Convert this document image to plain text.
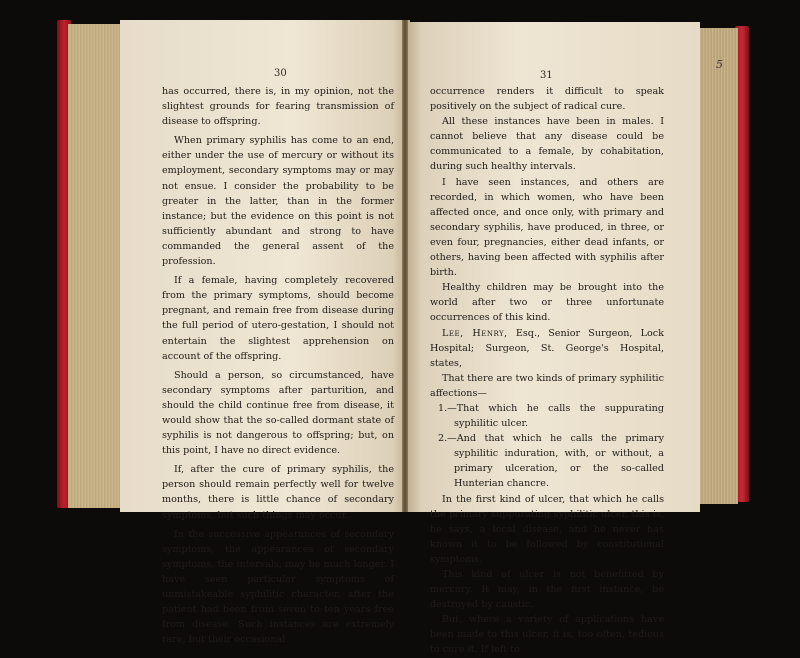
30	31

has occurred, there is, in my opinion, not the slightest grounds for fearing transmission of disease to offspring.

When primary syphilis has come to an end, either under the use of mercury or without its employment, secondary symptoms may or may not ensue. I consider the probability to be greater in the latter, than in the former instance; but the evidence on this point is not sufficiently abundant and strong to have commanded the general assent of the profession.

If a female, having completely recovered from the primary symptoms, should become pregnant, and remain free from disease during the full period of utero-gestation, I should not entertain the slightest apprehension on account of the offspring.

Should a person, so circumstanced, have secondary symptoms after parturition, and should the child continue free from disease, it would show that the so-called dormant state of syphilis is not dangerous to offspring; but, on this point, I have no direct evidence.

If, after the cure of primary syphilis, the person should remain perfectly well for twelve months, there is little chance of secondary symptoms, but such things may occur.

In the successive appearances of secondary symptoms, the appearances of secondary symptoms, the intervals, may be much longer. I have seen particular symptoms of unmistakeable syphilitic character, after the patient had been from seven to ten years free from disease. Such instances are extremely rare, but their occasional

occurrence renders it difficult to speak positively on the subject of radical cure.

All these instances have been in males. I cannot believe that any disease could be communicated to a female, by cohabitation, during such healthy intervals.

I have seen instances, and others are recorded, in which women, who have been affected once, and once only, with primary and secondary syphilis, have produced, in three, or even four, pregnancies, either dead infants, or others, having been affected with syphilis after birth.

Healthy children may be brought into the world after two or three unfortunate occurrences of this kind.

Lee, Henry, Esq., Senior Surgeon, Lock Hospital; Surgeon, St. George's Hospital, states,

That there are two kinds of primary syphilitic affections—

1.—That which he calls the suppurating syphilitic ulcer.

2.—And that which he calls the primary syphilitic induration, with, or without, a primary ulceration, or the so-called Hunterian chancre.

In the first kind of ulcer, that which he calls the primary suppurating syphilitic ulcer, this is, he says, a local disease, and he never has known it to be followed by constitutional symptoms.

This kind of ulcer is not benefitted by mercury. It may, in the first instance, be destroyed by caustic.

But, where a variety of applications have been made to this ulcer, it is, too often, tedious to cure it. If left to

5
